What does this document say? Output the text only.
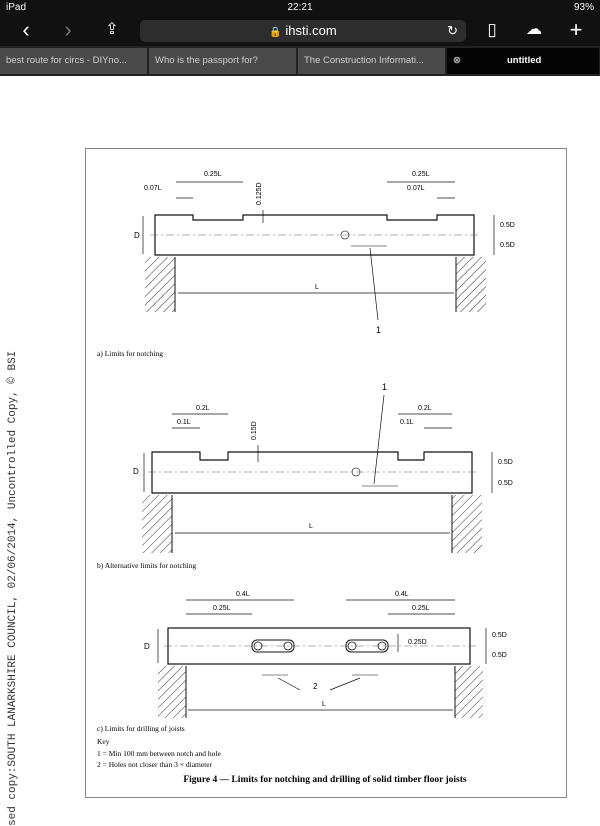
iPad	22:21	93%
‹	›	⇪	🔒 ihsti.com	↻	▯	☁ +
best route for circs - DIYno...	Who is the passport for?	The Construction Informati...	⊗	untitled
sed copy:SOUTH LANARKSHIRE COUNCIL, 02/06/2014, Uncontrolled Copy, © BSI
L
D
0.25L
0.07L
0.25L
0.07L
0.125D
0.5D
0.5D
1
a) Limits for notching
L
D
0.2L
0.1L
0.2L
0.1L
0.15D
0.5D
0.5D
1
b) Alternative limits for notching
L
D
0.4L
0.25L
0.4L
0.25L
0.25D
0.5D
0.5D
2
c) Limits for drilling of joists
Key
1 = Min 100 mm between notch and hole
2 = Holes not closer than 3 × diameter
Figure 4 — Limits for notching and drilling of solid timber floor joists
